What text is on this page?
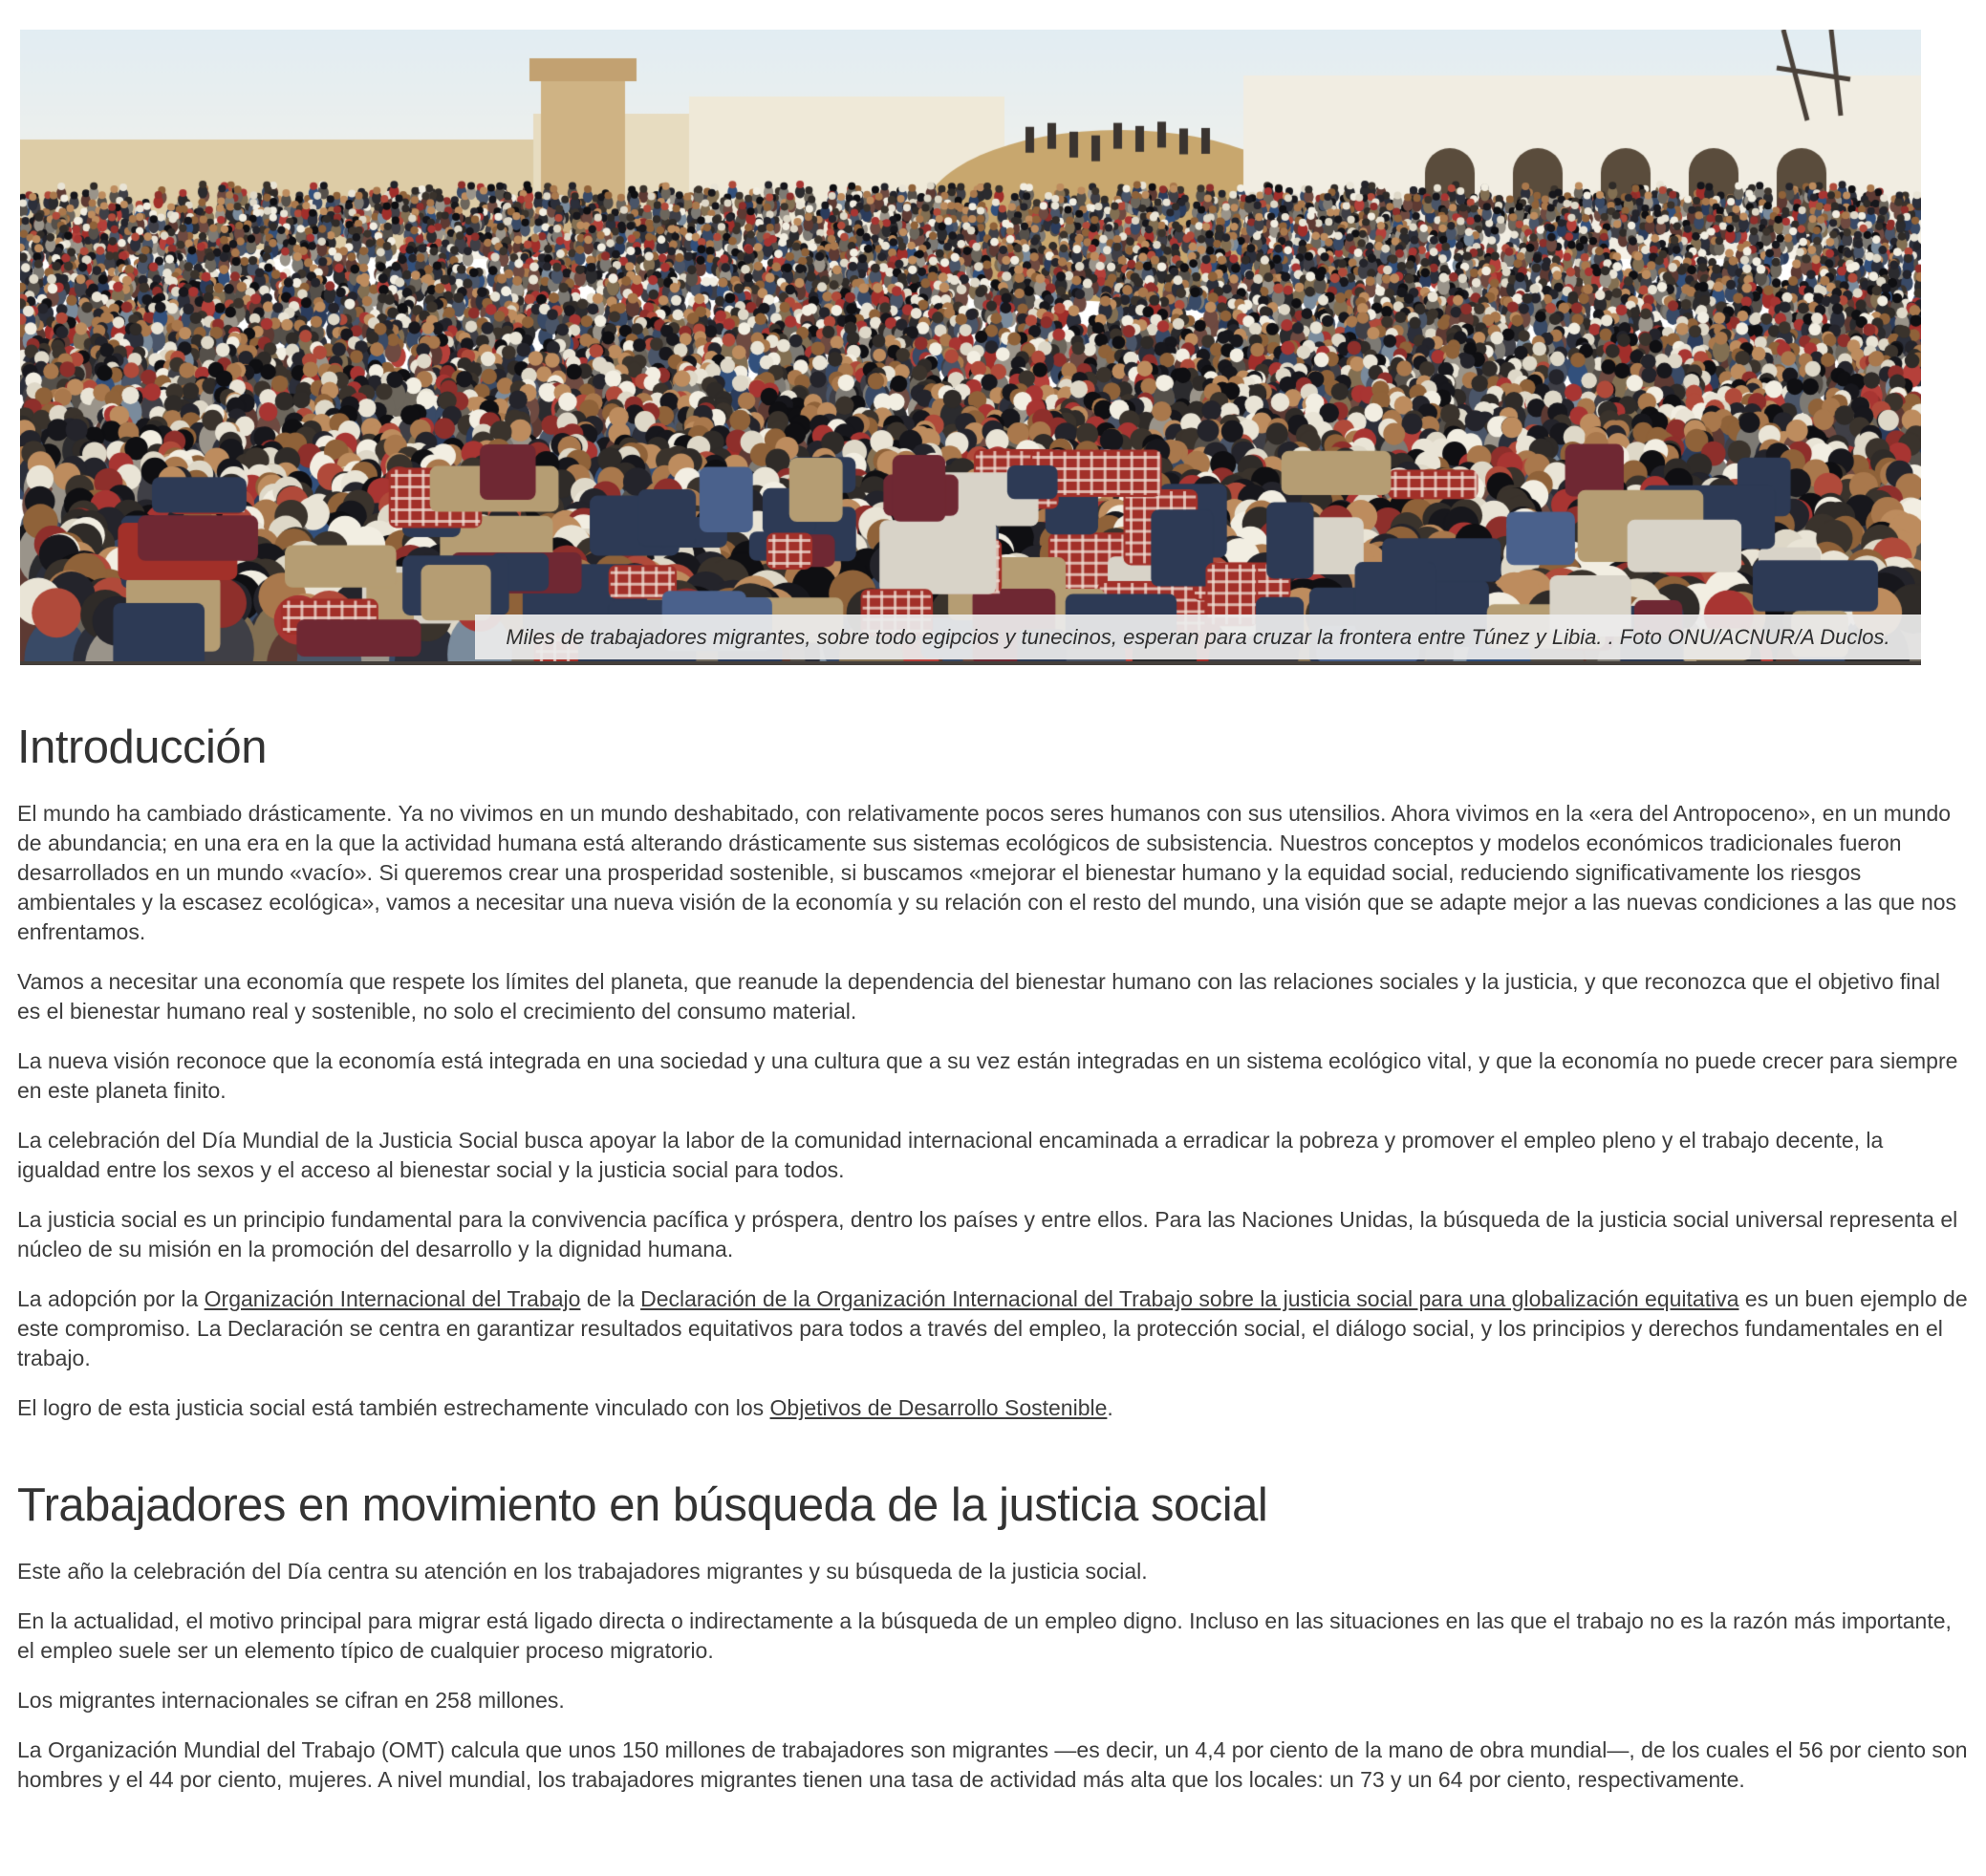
Miles de trabajadores migrantes, sobre todo egipcios y tunecinos, esperan para cruzar la frontera entre Túnez y Libia. . Foto ONU/ACNUR/A Duclos.
Introducción

El mundo ha cambiado drásticamente. Ya no vivimos en un mundo deshabitado, con relativamente pocos seres humanos con sus utensilios. Ahora vivimos en la «era del Antropoceno», en un mundo de abundancia; en una era en la que la actividad humana está alterando drásticamente sus sistemas ecológicos de subsistencia. Nuestros conceptos y modelos económicos tradicionales fueron desarrollados en un mundo «vacío». Si queremos crear una prosperidad sostenible, si buscamos «mejorar el bienestar humano y la equidad social, reduciendo significativamente los riesgos ambientales y la escasez ecológica», vamos a necesitar una nueva visión de la economía y su relación con el resto del mundo, una visión que se adapte mejor a las nuevas condiciones a las que nos enfrentamos.

Vamos a necesitar una economía que respete los límites del planeta, que reanude la dependencia del bienestar humano con las relaciones sociales y la justicia, y que reconozca que el objetivo final es el bienestar humano real y sostenible, no solo el crecimiento del consumo material.

La nueva visión reconoce que la economía está integrada en una sociedad y una cultura que a su vez están integradas en un sistema ecológico vital, y que la economía no puede crecer para siempre en este planeta finito.

La celebración del Día Mundial de la Justicia Social busca apoyar la labor de la comunidad internacional encaminada a erradicar la pobreza y promover el empleo pleno y el trabajo decente, la igualdad entre los sexos y el acceso al bienestar social y la justicia social para todos.

La justicia social es un principio fundamental para la convivencia pacífica y próspera, dentro los países y entre ellos. Para las Naciones Unidas, la búsqueda de la justicia social universal representa el núcleo de su misión en la promoción del desarrollo y la dignidad humana.

La adopción por la Organización Internacional del Trabajo de la Declaración de la Organización Internacional del Trabajo sobre la justicia social para una globalización equitativa es un buen ejemplo de este compromiso. La Declaración se centra en garantizar resultados equitativos para todos a través del empleo, la protección social, el diálogo social, y los principios y derechos fundamentales en el trabajo.

El logro de esta justicia social está también estrechamente vinculado con los Objetivos de Desarrollo Sostenible.

Trabajadores en movimiento en búsqueda de la justicia social

Este año la celebración del Día centra su atención en los trabajadores migrantes y su búsqueda de la justicia social.

En la actualidad, el motivo principal para migrar está ligado directa o indirectamente a la búsqueda de un empleo digno. Incluso en las situaciones en las que el trabajo no es la razón más importante, el empleo suele ser un elemento típico de cualquier proceso migratorio.

Los migrantes internacionales se cifran en 258 millones.

La Organización Mundial del Trabajo (OMT) calcula que unos 150 millones de trabajadores son migrantes —es decir, un 4,4 por ciento de la mano de obra mundial—, de los cuales el 56 por ciento son hombres y el 44 por ciento, mujeres. A nivel mundial, los trabajadores migrantes tienen una tasa de actividad más alta que los locales: un 73 y un 64 por ciento, respectivamente.
